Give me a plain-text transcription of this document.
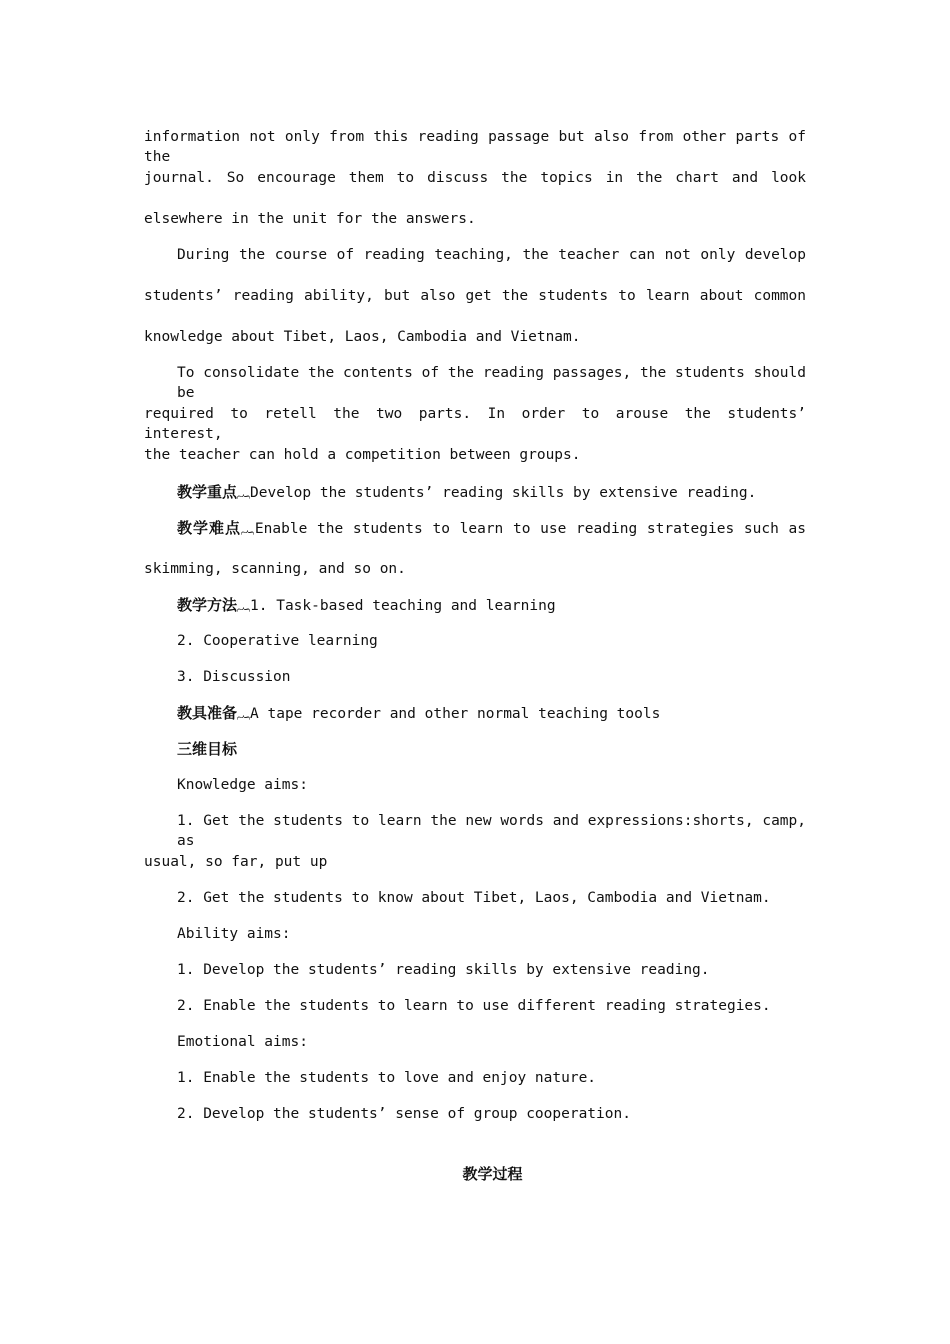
information not only from this reading passage but also from other parts of the
journal. So encourage them to discuss the topics in the chart and look
elsewhere in the unit for the answers.
During the course of reading teaching, the teacher can not only develop
students’ reading ability, but also get the students to learn about common
knowledge about Tibet, Laos, Cambodia and Vietnam.
To consolidate the contents of the reading passages, the students should be
required to retell the two parts. In order to arouse the students’ interest,
the teacher can hold a competition between groups.
教学重点︷Develop the students’ reading skills by extensive reading.
教学难点︷Enable the students to learn to use reading strategies such as
skimming, scanning, and so on.
教学方法︷1. Task-based teaching and learning
2. Cooperative learning
3. Discussion
教具准备︷A tape recorder and other normal teaching tools
三维目标
Knowledge aims:
1. Get the students to learn the new words and expressions:shorts, camp, as
usual, so far, put up
2. Get the students to know about Tibet, Laos, Cambodia and Vietnam.
Ability aims:
1. Develop the students’ reading skills by extensive reading.
2. Enable the students to learn to use different reading strategies.
Emotional aims:
1. Enable the students to love and enjoy nature.
2. Develop the students’ sense of group cooperation.
教学过程
